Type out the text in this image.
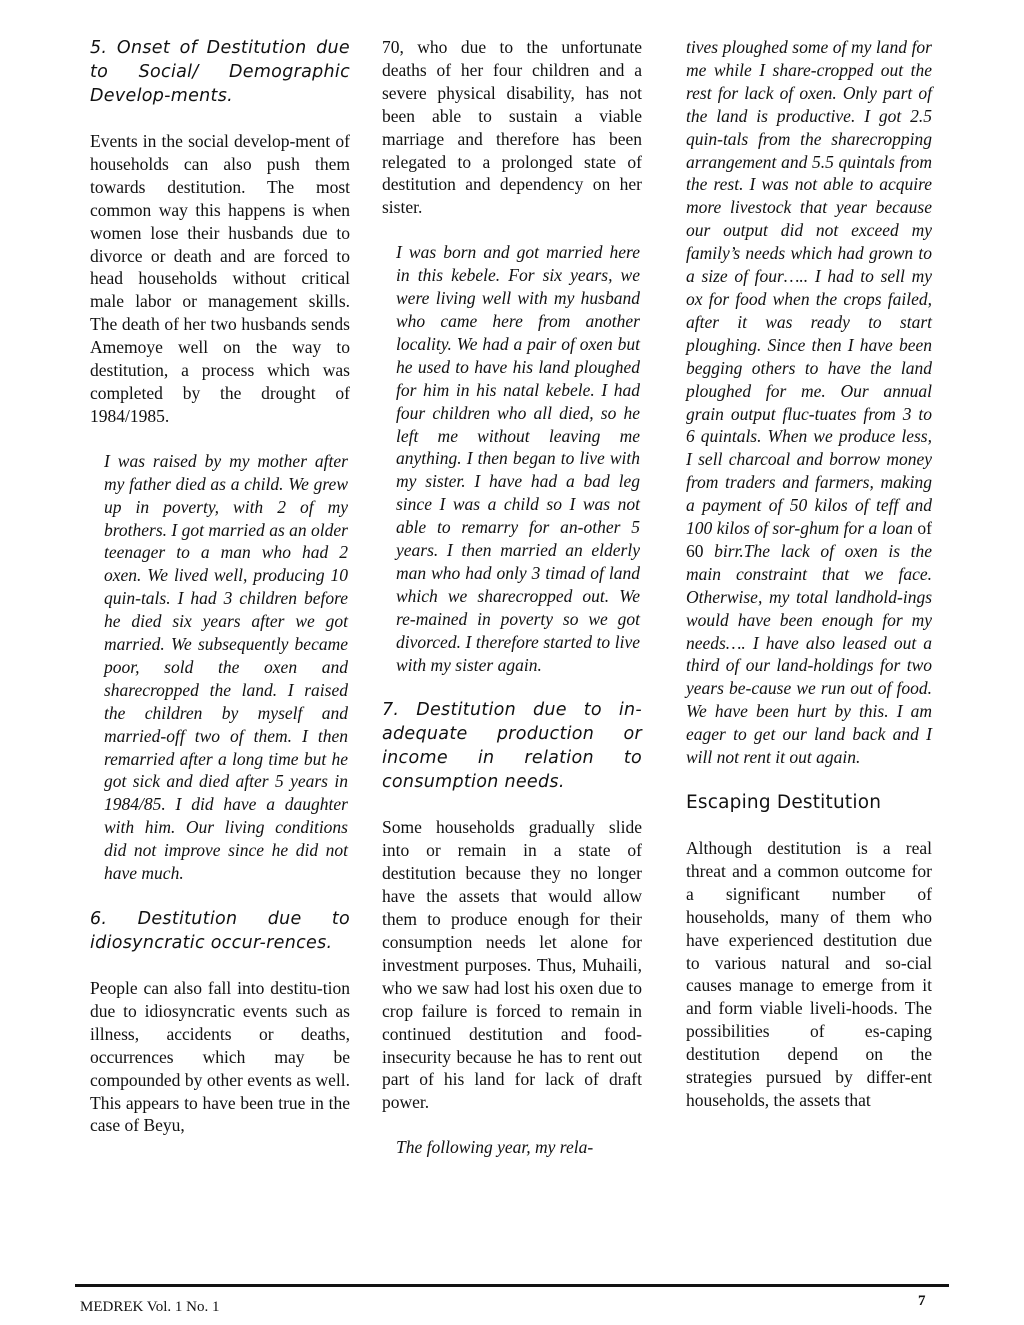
5. Onset of Destitution due to Social/ Demographic Develop-ments.

Events in the social develop-ment of households can also push them towards destitution. The most common way this happens is when women lose their husbands due to divorce or death and are forced to head households without critical male labor or management skills. The death of her two husbands sends Amemoye well on the way to destitution, a process which was completed by the drought of 1984/1985.

I was raised by my mother after my father died as a child. We grew up in poverty, with 2 of my brothers. I got married as an older teenager to a man who had 2 oxen. We lived well, producing 10 quin-tals. I had 3 children before he died six years after we got married. We subsequently became poor, sold the oxen and sharecropped the land. I raised the children by myself and married-off two of them. I then remarried after a long time but he got sick and died after 5 years in 1984/85. I did have a daughter with him. Our living conditions did not improve since he did not have much.

6. Destitution due to idiosyncratic occur-rences.

People can also fall into destitu-tion due to idiosyncratic events such as illness, accidents or deaths, occurrences which may be compounded by other events as well. This appears to have been true in the case of Beyu,

70, who due to the unfortunate deaths of her four children and a severe physical disability, has not been able to sustain a viable marriage and therefore has been relegated to a prolonged state of destitution and dependency on her sister.

I was born and got married here in this kebele. For six years, we were living well with my husband who came here from another locality. We had a pair of oxen but he used to have his land ploughed for him in his natal kebele. I had four children who all died, so he left me without leaving me anything. I then began to live with my sister. I have had a bad leg since I was a child so I was not able to remarry for an-other 5 years. I then married an elderly man who had only 3 timad of land which we sharecropped out. We re-mained in poverty so we got divorced. I therefore started to live with my sister again.

7. Destitution due to in-adequate production or income in relation to consumption needs.

Some households gradually slide into or remain in a state of destitution because they no longer have the assets that would allow them to produce enough for their consumption needs let alone for investment purposes. Thus, Muhaili, who we saw had lost his oxen due to crop failure is forced to remain in continued destitution and food-insecurity because he has to rent out part of his land for lack of draft power.

The following year, my rela-

tives ploughed some of my land for me while I share-cropped out the rest for lack of oxen. Only part of the land is productive. I got 2.5 quin-tals from the sharecropping arrangement and 5.5 quintals from the rest. I was not able to acquire more livestock that year because our output did not exceed my family’s needs which had grown to a size of four….. I had to sell my ox for food when the crops failed, after it was ready to start ploughing. Since then I have been begging others to have the land ploughed for me. Our annual grain output fluc-tuates from 3 to 6 quintals. When we produce less, I sell charcoal and borrow money from traders and farmers, making a payment of 50 kilos of teff and 100 kilos of sor-ghum for a loan of 60 birr.The lack of oxen is the main constraint that we face. Otherwise, my total landhold-ings would have been enough for my needs…. I have also leased out a third of our land-holdings for two years be-cause we run out of food. We have been hurt by this. I am eager to get our land back and I will not rent it out again.

Escaping Destitution

Although destitution is a real threat and a common outcome for a significant number of households, many of them who have experienced destitution due to various natural and so-cial causes manage to emerge from it and form viable liveli-hoods. The possibilities of es-caping destitution depend on the strategies pursued by differ-ent households, the assets that

MEDREK Vol. 1 No. 1	7
